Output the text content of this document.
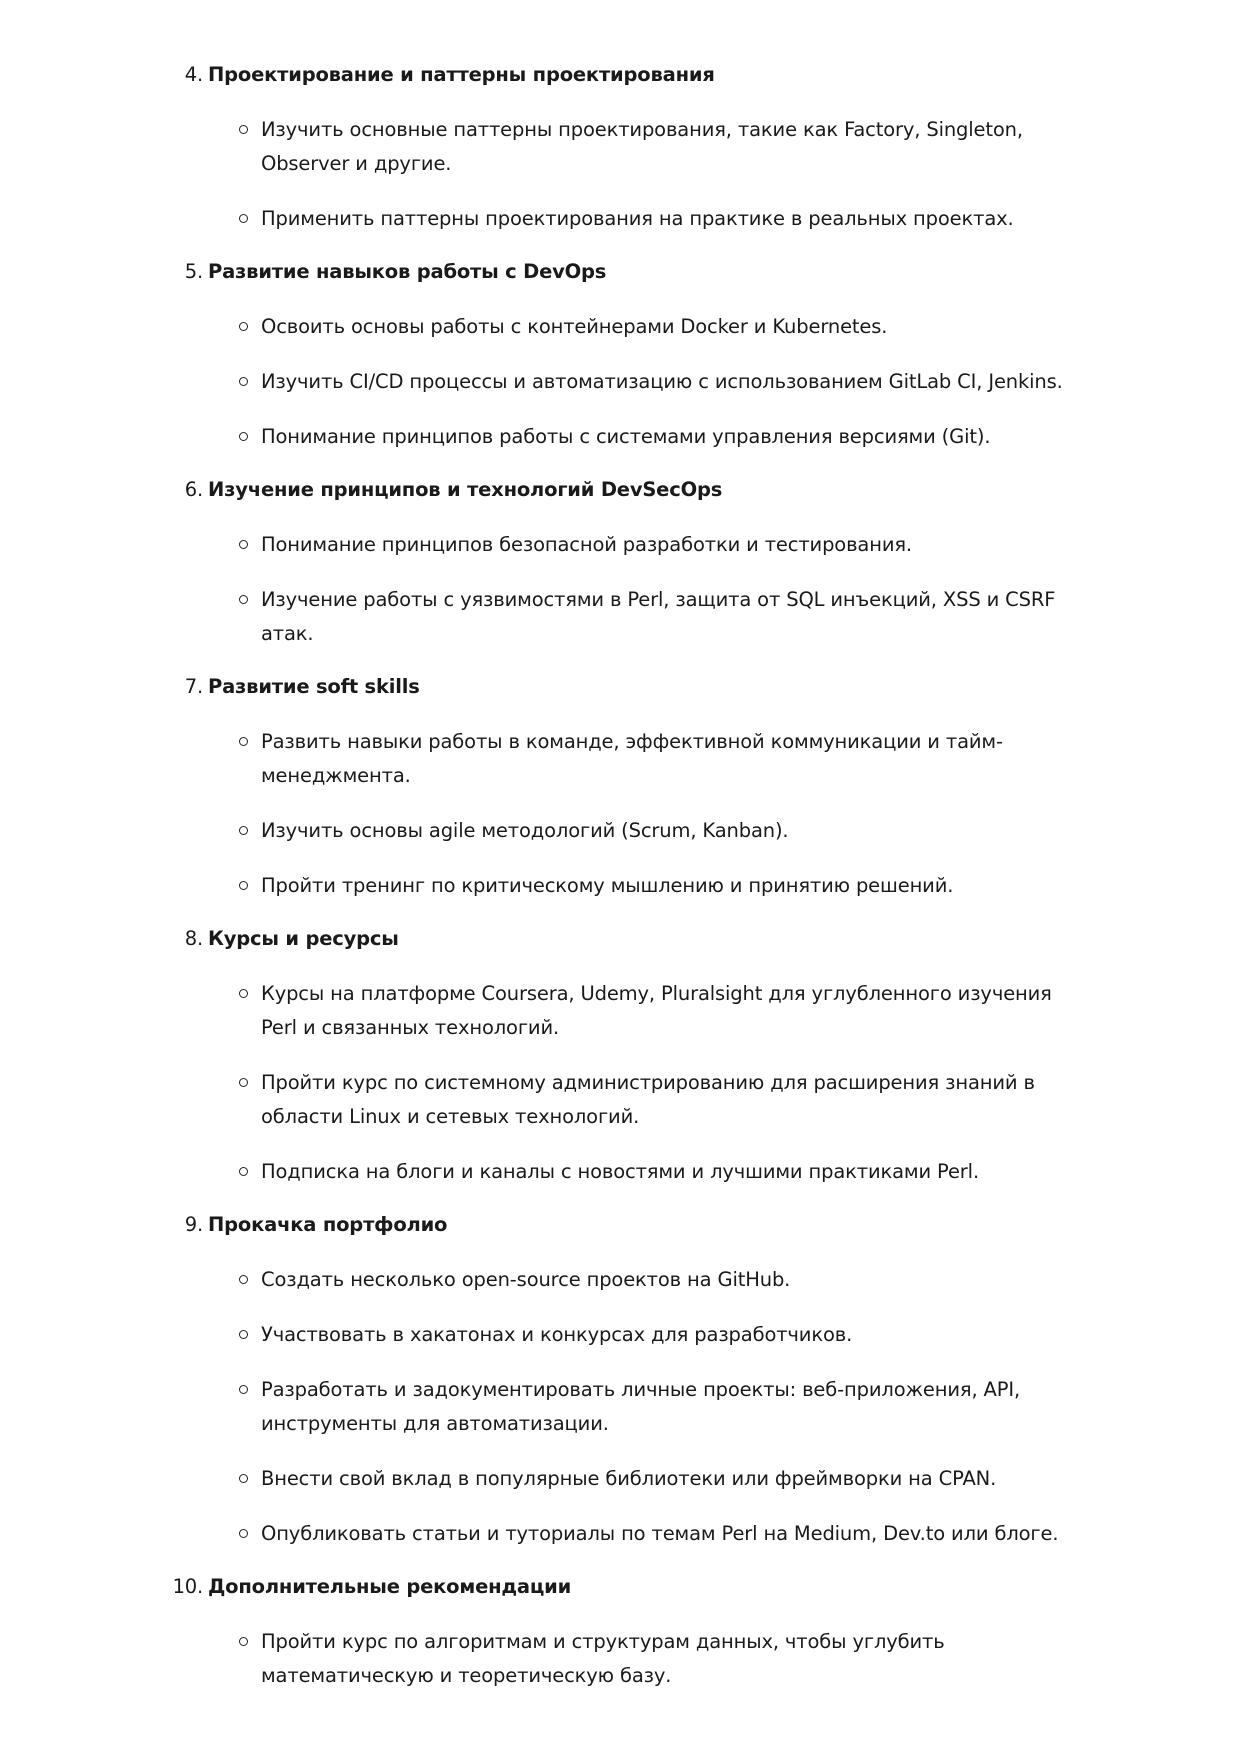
4. Проектирование и паттерны проектирования
Изучить основные паттерны проектирования, такие как Factory, Singleton, Observer и другие.
Применить паттерны проектирования на практике в реальных проектах.
5. Развитие навыков работы с DevOps
Освоить основы работы с контейнерами Docker и Kubernetes.
Изучить CI/CD процессы и автоматизацию с использованием GitLab CI, Jenkins.
Понимание принципов работы с системами управления версиями (Git).
6. Изучение принципов и технологий DevSecOps
Понимание принципов безопасной разработки и тестирования.
Изучение работы с уязвимостями в Perl, защита от SQL инъекций, XSS и CSRF атак.
7. Развитие soft skills
Развить навыки работы в команде, эффективной коммуникации и тайм-менеджмента.
Изучить основы agile методологий (Scrum, Kanban).
Пройти тренинг по критическому мышлению и принятию решений.
8. Курсы и ресурсы
Курсы на платформе Coursera, Udemy, Pluralsight для углубленного изучения Perl и связанных технологий.
Пройти курс по системному администрированию для расширения знаний в области Linux и сетевых технологий.
Подписка на блоги и каналы с новостями и лучшими практиками Perl.
9. Прокачка портфолио
Создать несколько open-source проектов на GitHub.
Участвовать в хакатонах и конкурсах для разработчиков.
Разработать и задокументировать личные проекты: веб-приложения, API, инструменты для автоматизации.
Внести свой вклад в популярные библиотеки или фреймворки на CPAN.
Опубликовать статьи и туториалы по темам Perl на Medium, Dev.to или блоге.
10. Дополнительные рекомендации
Пройти курс по алгоритмам и структурам данных, чтобы углубить математическую и теоретическую базу.
